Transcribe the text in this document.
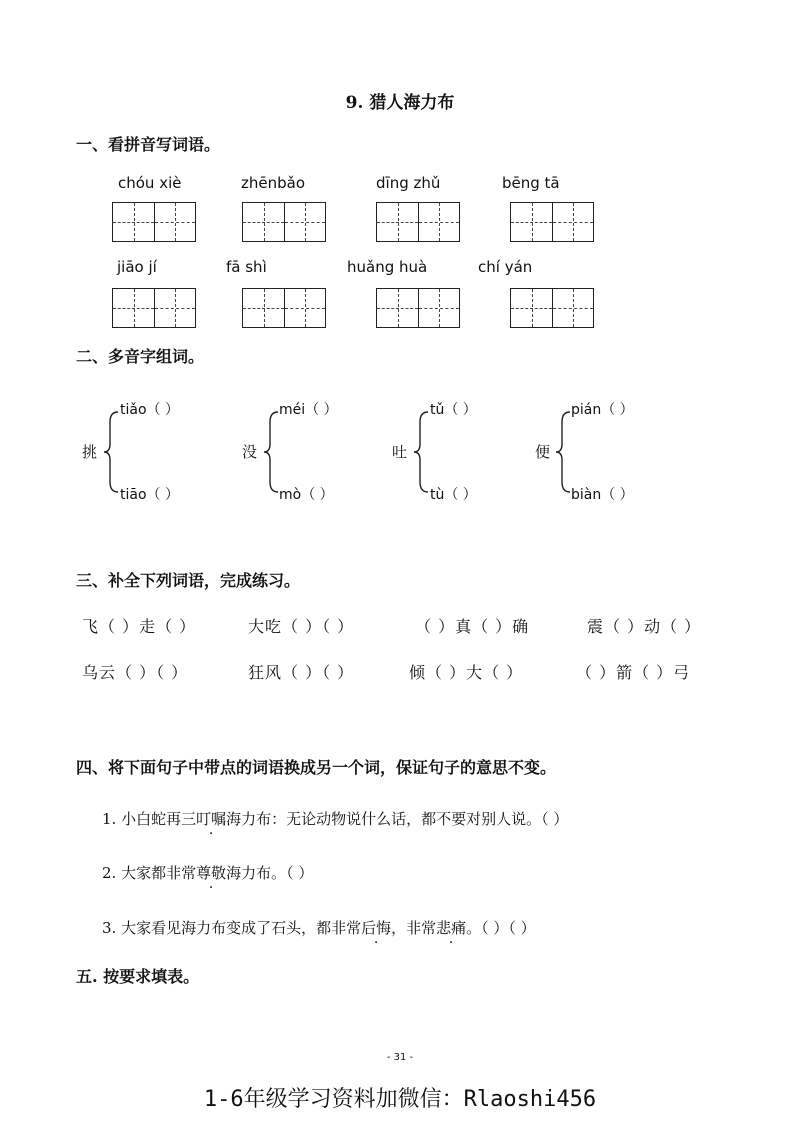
9. 猎人海力布
一、看拼音写词语。
chóu xiè	zhēnbǎo	dīng zhǔ	bēng tā
jiāo jí	fā shì	huǎng huà	chí yán
二、多音字组词。
tiǎo（ ）
挑
tiāo（ ）
méi（ ）
没
mò（ ）
tǔ（ ）
吐
tù（ ）
pián（ ）
便
biàn（ ）
三、补全下列词语，完成练习。
飞（ ）走（ ）	大吃（ ）（ ）	（ ）真（ ）确	震（ ）动（ ）
乌云（ ）（ ）	狂风（ ）（ ）	倾（ ）大（ ）	（ ）箭（ ）弓
四、将下面句子中带点的词语换成另一个词，保证句子的意思不变。
1. 小白蛇再三叮嘱海力布：无论动物说什么话，都不要对别人说。（ ）
2. 大家都非常尊敬海力布。（ ）
3. 大家看见海力布变成了石头，都非常后悔，非常悲痛。（ ）（ ）
五. 按要求填表。
- 31 -
1-6年级学习资料加微信：Rlaoshi456
